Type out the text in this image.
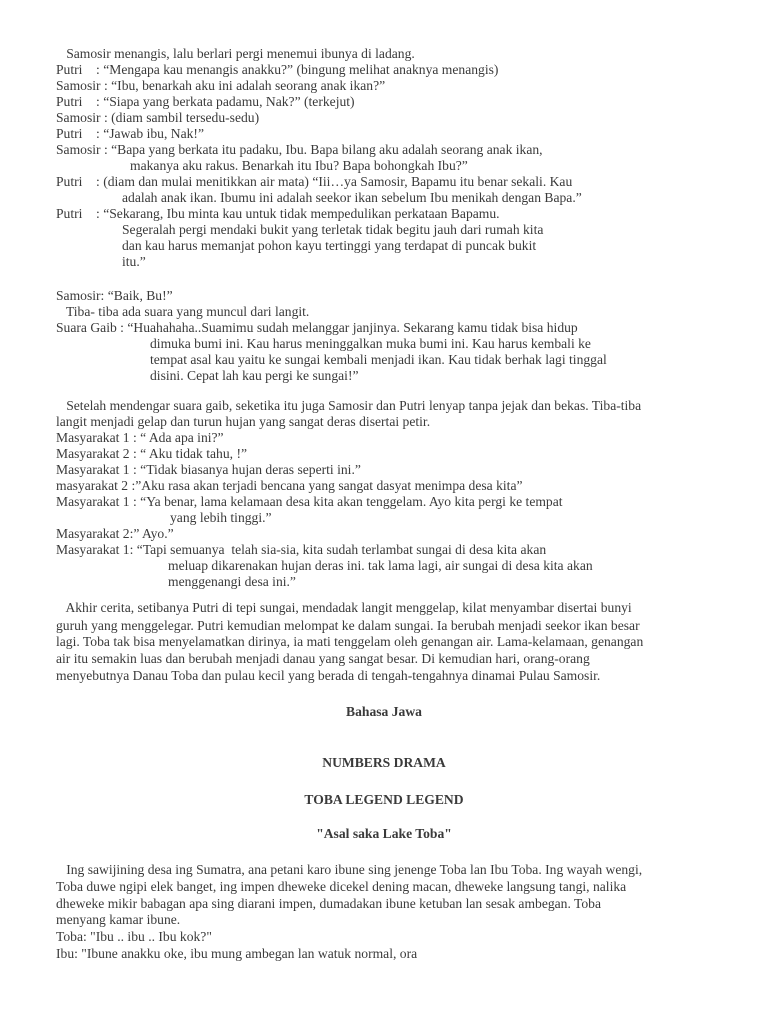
Samosir menangis, lalu berlari pergi menemui ibunya di ladang.
Putri    : “Mengapa kau menangis anakku?” (bingung melihat anaknya menangis)
Samosir : “Ibu, benarkah aku ini adalah seorang anak ikan?”
Putri    : “Siapa yang berkata padamu, Nak?” (terkejut)
Samosir : (diam sambil tersedu-sedu)
Putri    : “Jawab ibu, Nak!”
Samosir : “Bapa yang berkata itu padaku, Ibu. Bapa bilang aku adalah seorang anak ikan,
makanya aku rakus. Benarkah itu Ibu? Bapa bohongkah Ibu?”
Putri    : (diam dan mulai menitikkan air mata) “Iii…ya Samosir, Bapamu itu benar sekali. Kau
adalah anak ikan. Ibumu ini adalah seekor ikan sebelum Ibu menikah dengan Bapa.”
Putri    : “Sekarang, Ibu minta kau untuk tidak mempedulikan perkataan Bapamu.
Segeralah pergi mendaki bukit yang terletak tidak begitu jauh dari rumah kita
dan kau harus memanjat pohon kayu tertinggi yang terdapat di puncak bukit
itu.”
Samosir: “Baik, Bu!”
Tiba- tiba ada suara yang muncul dari langit.
Suara Gaib : “Huahahaha..Suamimu sudah melanggar janjinya. Sekarang kamu tidak bisa hidup
dimuka bumi ini. Kau harus meninggalkan muka bumi ini. Kau harus kembali ke
tempat asal kau yaitu ke sungai kembali menjadi ikan. Kau tidak berhak lagi tinggal
disini. Cepat lah kau pergi ke sungai!”
Setelah mendengar suara gaib, seketika itu juga Samosir dan Putri lenyap tanpa jejak dan bekas. Tiba-tiba
langit menjadi gelap dan turun hujan yang sangat deras disertai petir.
Masyarakat 1 : “ Ada apa ini?”
Masyarakat 2 : “ Aku tidak tahu, !”
Masyarakat 1 : “Tidak biasanya hujan deras seperti ini.”
masyarakat 2 :”Aku rasa akan terjadi bencana yang sangat dasyat menimpa desa kita”
Masyarakat 1 : “Ya benar, lama kelamaan desa kita akan tenggelam. Ayo kita pergi ke tempat
yang lebih tinggi.”
Masyarakat 2:” Ayo.”
Masyarakat 1: “Tapi semuanya  telah sia-sia, kita sudah terlambat sungai di desa kita akan
meluap dikarenakan hujan deras ini. tak lama lagi, air sungai di desa kita akan
menggenangi desa ini.”
Akhir cerita, setibanya Putri di tepi sungai, mendadak langit menggelap, kilat menyambar disertai bunyi
guruh yang menggelegar. Putri kemudian melompat ke dalam sungai. Ia berubah menjadi seekor ikan besar
lagi. Toba tak bisa menyelamatkan dirinya, ia mati tenggelam oleh genangan air. Lama-kelamaan, genangan
air itu semakin luas dan berubah menjadi danau yang sangat besar. Di kemudian hari, orang-orang
menyebutnya Danau Toba dan pulau kecil yang berada di tengah-tengahnya dinamai Pulau Samosir.
Bahasa Jawa
NUMBERS DRAMA
TOBA LEGEND LEGEND
"Asal saka Lake Toba"
Ing sawijining desa ing Sumatra, ana petani karo ibune sing jenenge Toba lan Ibu Toba. Ing wayah wengi,
Toba duwe ngipi elek banget, ing impen dheweke dicekel dening macan, dheweke langsung tangi, nalika
dheweke mikir babagan apa sing diarani impen, dumadakan ibune ketuban lan sesak ambegan. Toba
menyang kamar ibune.
Toba: "Ibu .. ibu .. Ibu kok?"
Ibu: "Ibune anakku oke, ibu mung ambegan lan watuk normal, ora
